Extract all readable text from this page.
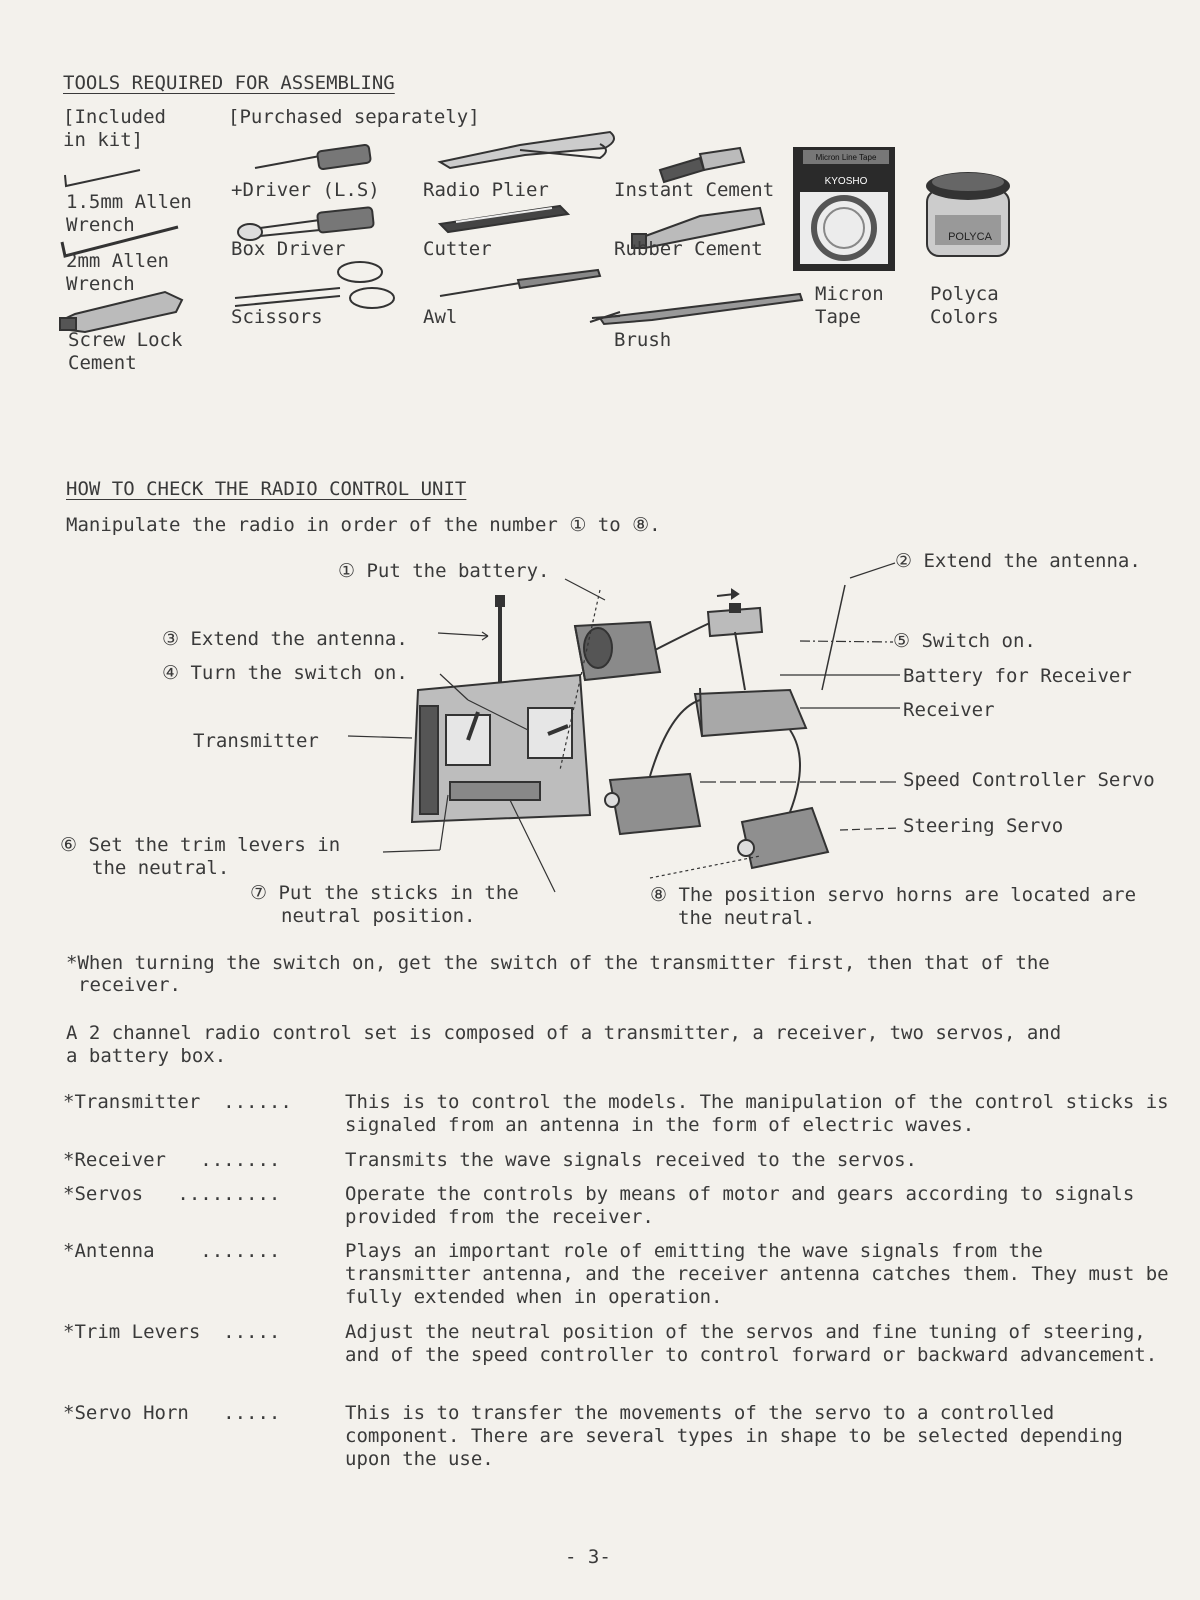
Micron Line Tape
KYOSHO
POLYCA
TOOLS REQUIRED FOR ASSEMBLING
[Included
in kit]
[Purchased separately]
1.5mm Allen
Wrench
2mm Allen
Wrench
Screw Lock
Cement
+Driver (L.S)
Box Driver
Scissors
Radio Plier
Cutter
Awl
Instant Cement
Rubber Cement
Brush
Micron
Tape
Polyca
Colors
HOW TO CHECK THE RADIO CONTROL UNIT
Manipulate the radio in order of the number ① to ⑧.
① Put the battery.	② Extend the antenna.
③ Extend the antenna.
④ Turn the switch on.
⑤ Switch on.
Transmitter
Battery for Receiver
Receiver
Speed Controller Servo
Steering Servo
⑥ Set the trim levers in
the neutral.
⑦ Put the sticks in the
neutral position.
⑧ The position servo horns are located are
the neutral.
*When turning the switch on, get the switch of the transmitter first, then that of the
receiver.
A 2 channel radio control set is composed of a transmitter, a receiver, two servos, and
a battery box.
*Transmitter  ......	This is to control the models. The manipulation of the control sticks is signaled from an antenna in the form of electric waves.
*Receiver   .......	Transmits the wave signals received to the servos.
*Servos   .........	Operate the controls by means of motor and gears according to signals provided from the receiver.
*Antenna    .......	Plays an important role of emitting the wave signals from the transmitter antenna, and the receiver antenna catches them. They must be fully extended when in operation.
*Trim Levers  .....	Adjust the neutral position of the servos and fine tuning of steering, and of the speed controller to control forward or backward advancement.
*Servo Horn   .....	This is to transfer the movements of the servo to a controlled component. There are several types in shape to be selected depending upon the use.
- 3-
